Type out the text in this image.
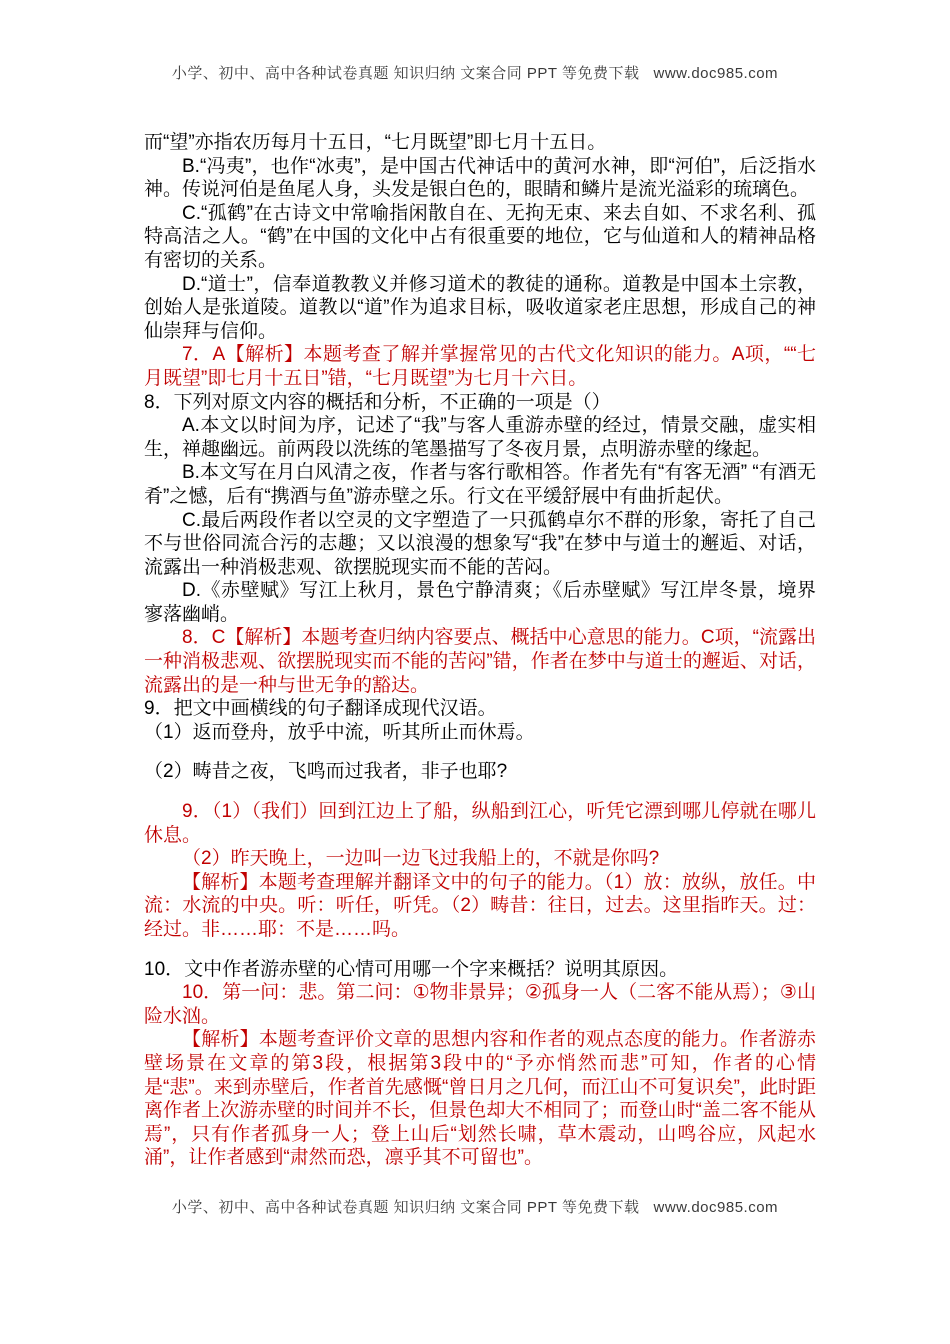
小学、初中、高中各种试卷真题 知识归纳 文案合同 PPT 等免费下载 www.doc985.com
而“望”亦指农历每月十五日，“七月既望”即七月十五日。
B.“冯夷”，也作“冰夷”，是中国古代神话中的黄河水神，即“河伯”，后泛指水神。传说河伯是鱼尾人身，头发是银白色的，眼睛和鳞片是流光溢彩的琉璃色。
C.“孤鹤”在古诗文中常喻指闲散自在、无拘无束、来去自如、不求名利、孤特高洁之人。“鹤”在中国的文化中占有很重要的地位，它与仙道和人的精神品格有密切的关系。
D.“道士”，信奉道教教义并修习道术的教徒的通称。道教是中国本土宗教，创始人是张道陵。道教以“道”作为追求目标，吸收道家老庄思想，形成自己的神仙崇拜与信仰。
7．A【解析】本题考查了解并掌握常见的古代文化知识的能力。A项，““七月既望”即七月十五日”错，“七月既望”为七月十六日。
8．下列对原文内容的概括和分析，不正确的一项是（）
A.本文以时间为序，记述了“我”与客人重游赤壁的经过，情景交融，虚实相生，禅趣幽远。前两段以洗练的笔墨描写了冬夜月景，点明游赤壁的缘起。
B.本文写在月白风清之夜，作者与客行歌相答。作者先有“有客无酒” “有酒无肴”之憾，后有“携酒与鱼”游赤壁之乐。行文在平缓舒展中有曲折起伏。
C.最后两段作者以空灵的文字塑造了一只孤鹤卓尔不群的形象，寄托了自己不与世俗同流合污的志趣；又以浪漫的想象写“我”在梦中与道士的邂逅、对话，流露出一种消极悲观、欲摆脱现实而不能的苦闷。
D.《赤壁赋》写江上秋月，景色宁静清爽；《后赤壁赋》写江岸冬景，境界寥落幽峭。
8．C【解析】本题考查归纳内容要点、概括中心意思的能力。C项，“流露出一种消极悲观、欲摆脱现实而不能的苦闷”错，作者在梦中与道士的邂逅、对话，流露出的是一种与世无争的豁达。
9．把文中画横线的句子翻译成现代汉语。
（1）返而登舟，放乎中流，听其所止而休焉。
（2）畴昔之夜，飞鸣而过我者，非子也耶?
9．（1）（我们）回到江边上了船，纵船到江心，听凭它漂到哪儿停就在哪儿休息。
（2）昨天晚上，一边叫一边飞过我船上的，不就是你吗?
【解析】本题考查理解并翻译文中的句子的能力。（1）放：放纵，放任。中流：水流的中央。听：听任，听凭。（2）畴昔：往日，过去。这里指昨天。过：经过。非……耶：不是……吗。
10．文中作者游赤壁的心情可用哪一个字来概括？说明其原因。
10．第一问：悲。第二问：①物非景异；②孤身一人（二客不能从焉）；③山险水汹。
【解析】本题考查评价文章的思想内容和作者的观点态度的能力。作者游赤壁场景在文章的第3段，根据第3段中的“予亦悄然而悲”可知，作者的心情是“悲”。来到赤壁后，作者首先感慨“曾日月之几何，而江山不可复识矣”，此时距离作者上次游赤壁的时间并不长，但景色却大不相同了；而登山时“盖二客不能从焉”，只有作者孤身一人；登上山后“划然长啸，草木震动，山鸣谷应，风起水涌”，让作者感到“肃然而恐，凛乎其不可留也”。
小学、初中、高中各种试卷真题 知识归纳 文案合同 PPT 等免费下载 www.doc985.com
